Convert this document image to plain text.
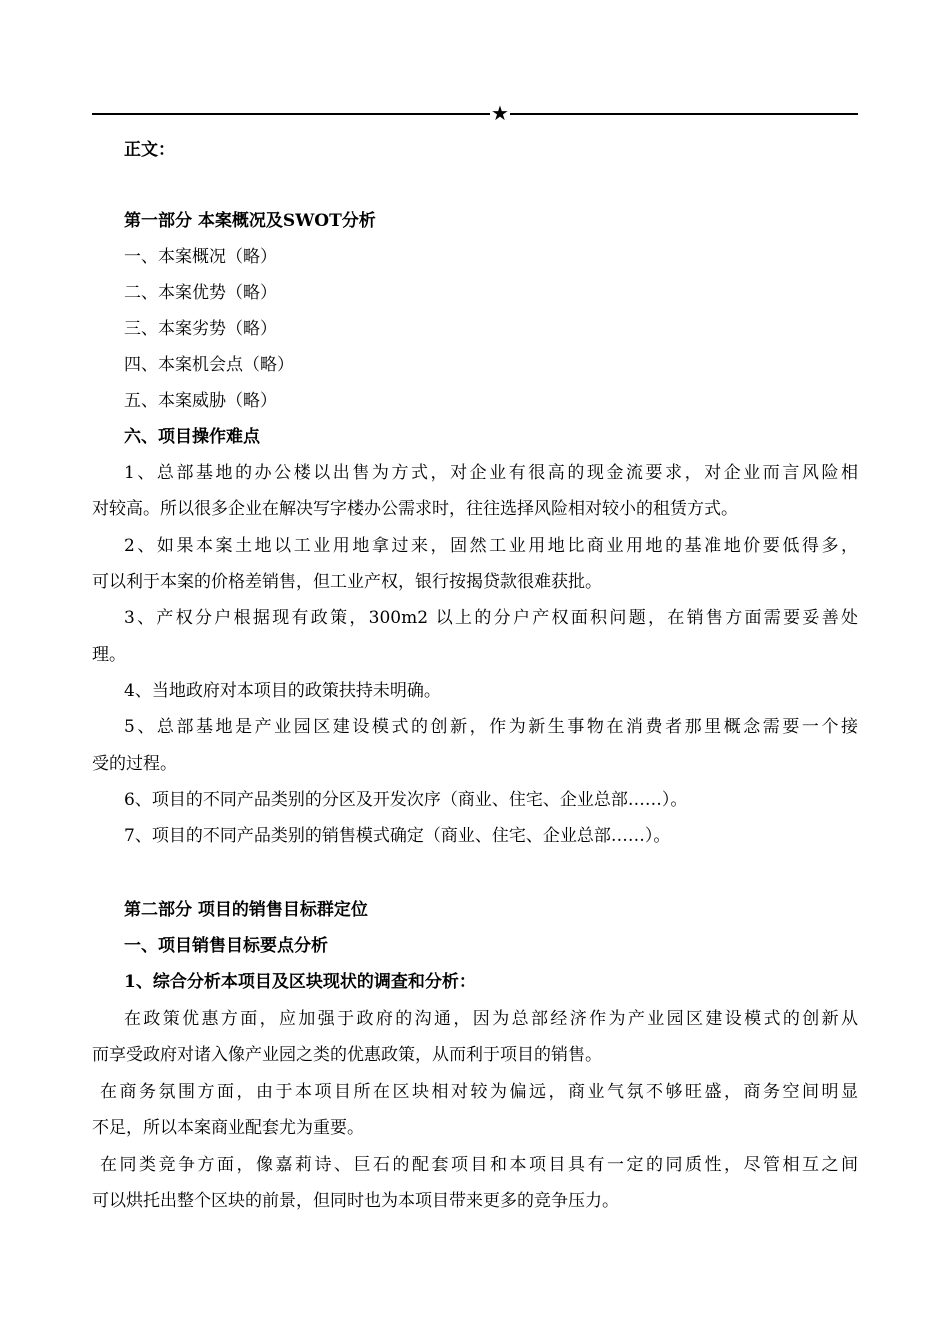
★
正文：
第一部分 本案概况及SWOT分析
一、本案概况（略）
二、本案优势（略）
三、本案劣势（略）
四、本案机会点（略）
五、本案威胁（略）
六、项目操作难点
1、总部基地的办公楼以出售为方式，对企业有很高的现金流要求，对企业而言风险相
对较高。所以很多企业在解决写字楼办公需求时，往往选择风险相对较小的租赁方式。
2、如果本案土地以工业用地拿过来，固然工业用地比商业用地的基准地价要低得多，
可以利于本案的价格差销售，但工业产权，银行按揭贷款很难获批。
3、产权分户根据现有政策，300m2 以上的分户产权面积问题，在销售方面需要妥善处
理。
4、当地政府对本项目的政策扶持未明确。
5、总部基地是产业园区建设模式的创新，作为新生事物在消费者那里概念需要一个接
受的过程。
6、项目的不同产品类别的分区及开发次序（商业、住宅、企业总部……）。
7、项目的不同产品类别的销售模式确定（商业、住宅、企业总部……）。
第二部分 项目的销售目标群定位
一、项目销售目标要点分析
1、综合分析本项目及区块现状的调查和分析：
在政策优惠方面，应加强于政府的沟通，因为总部经济作为产业园区建设模式的创新从
而享受政府对诸入像产业园之类的优惠政策，从而利于项目的销售。
在商务氛围方面，由于本项目所在区块相对较为偏远，商业气氛不够旺盛，商务空间明显
不足，所以本案商业配套尤为重要。
在同类竞争方面，像嘉莉诗、巨石的配套项目和本项目具有一定的同质性，尽管相互之间
可以烘托出整个区块的前景，但同时也为本项目带来更多的竞争压力。
